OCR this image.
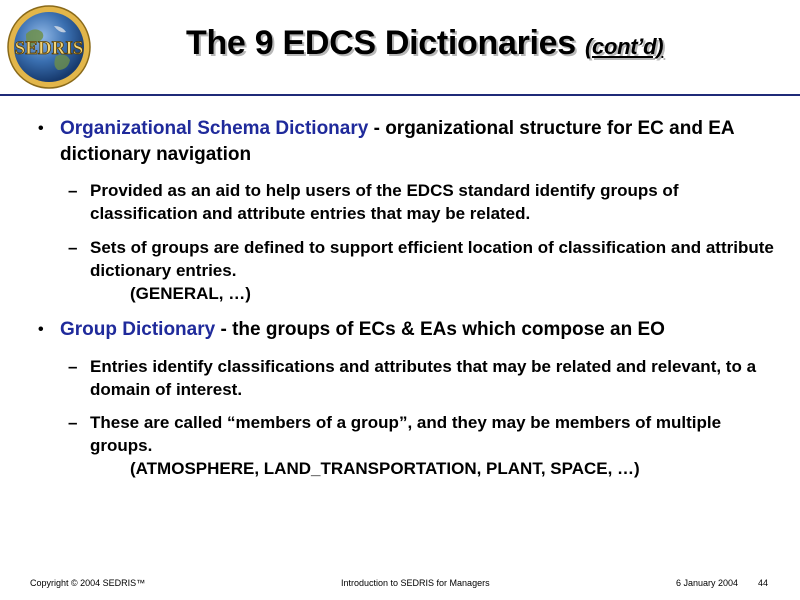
SEDRIS	The 9 EDCS Dictionaries (cont’d)
• Organizational Schema Dictionary - organizational structure for EC and EA dictionary navigation
– Provided as an aid to help users of the EDCS standard identify groups of classification and attribute entries that may be related.
– Sets of groups are defined to support efficient location of classification and attribute dictionary entries.
(GENERAL, …)
• Group Dictionary - the groups of ECs & EAs which compose an EO
– Entries identify classifications and attributes that may be related and relevant, to a domain of interest.
– These are called “members of a group”, and they may be members of multiple groups.
(ATMOSPHERE, LAND_TRANSPORTATION, PLANT, SPACE, …)
Copyright © 2004 SEDRIS™	Introduction to SEDRIS for Managers	6 January 2004 44
